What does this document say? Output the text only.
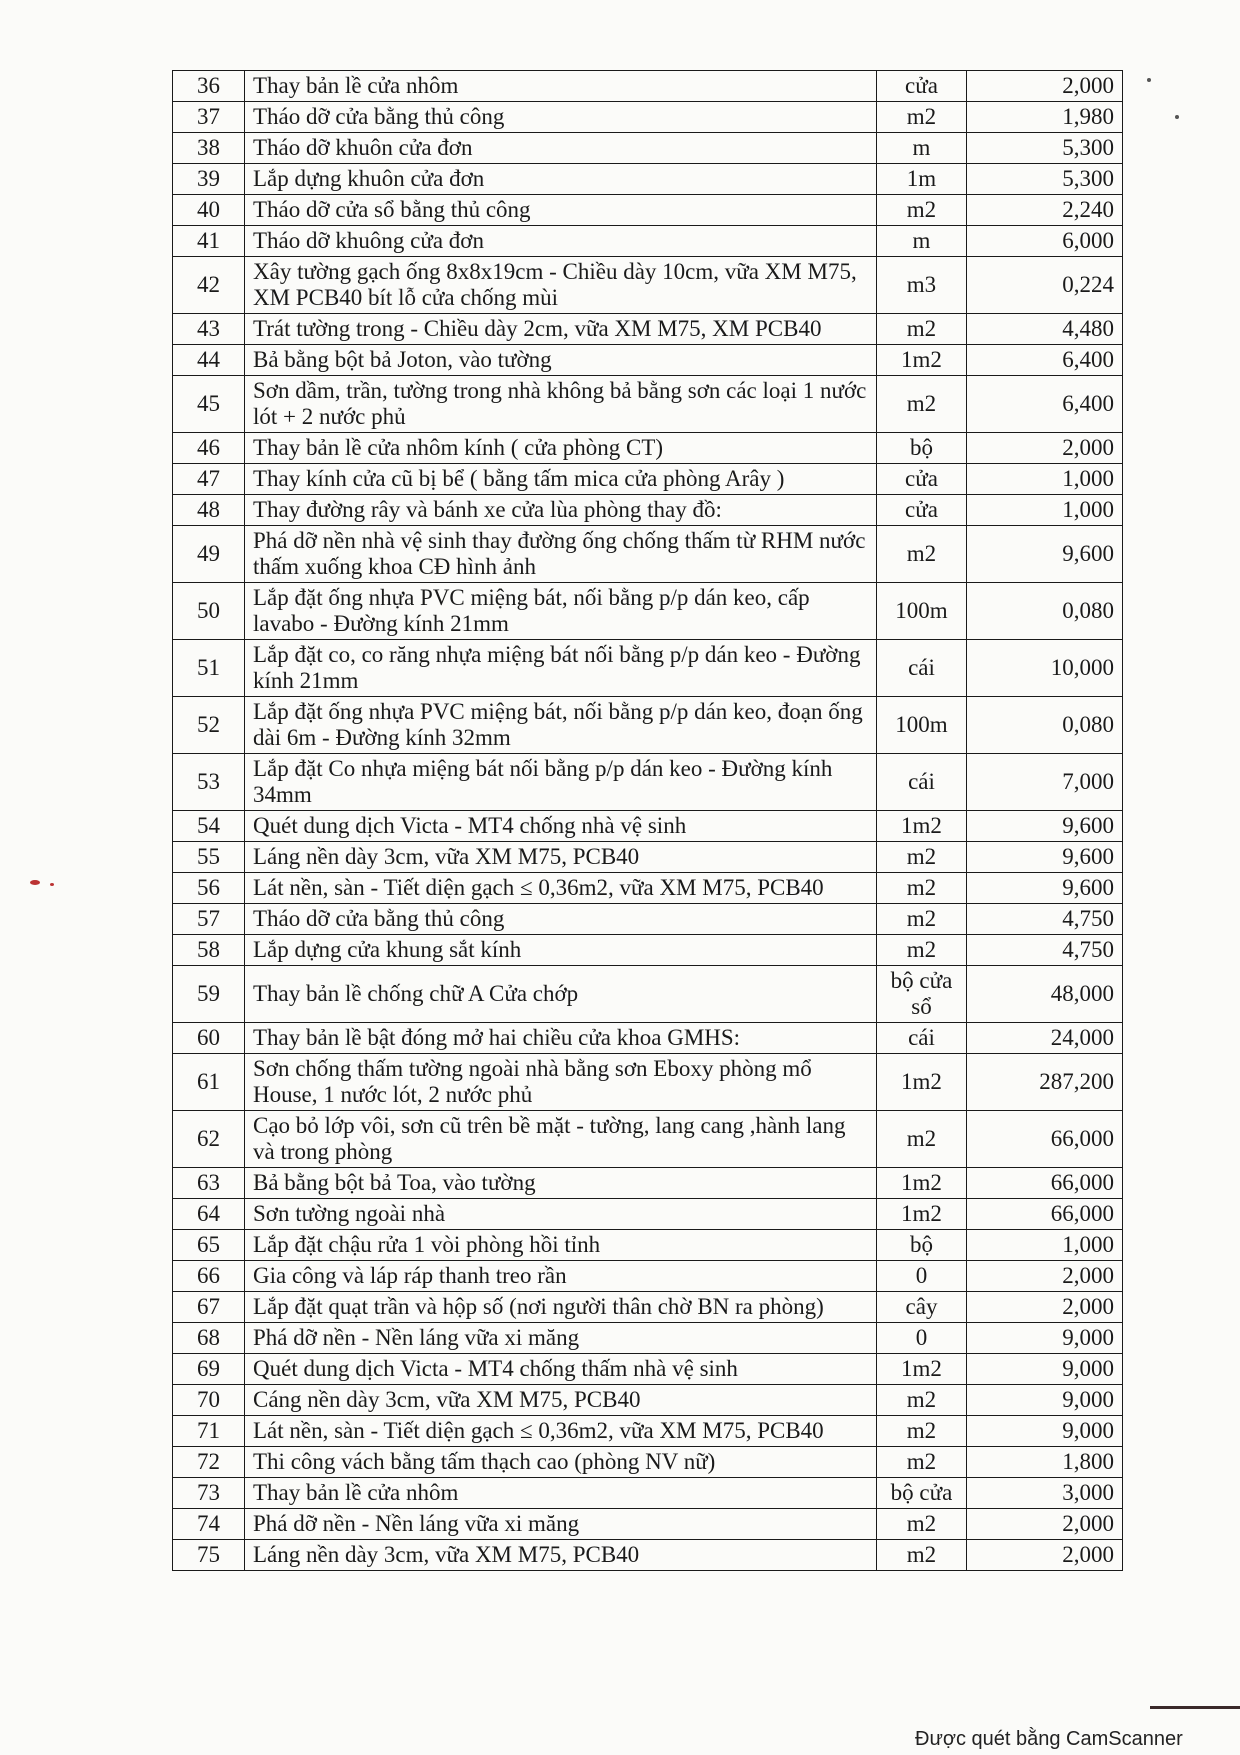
36	Thay bản lề cửa nhôm	cửa	2,000
37	Tháo dỡ cửa bằng thủ công	m2	1,980
38	Tháo dỡ khuôn cửa đơn	m	5,300
39	Lắp dựng khuôn cửa đơn	1m	5,300
40	Tháo dỡ cửa sổ bằng thủ công	m2	2,240
41	Tháo dỡ khuông cửa đơn	m	6,000
42	Xây tường gạch ống 8x8x19cm - Chiều dày 10cm, vữa XM M75, XM PCB40 bít lỗ cửa chống mùi	m3	0,224
43	Trát tường trong - Chiều dày 2cm, vữa XM M75, XM PCB40	m2	4,480
44	Bả bằng bột bả Joton, vào tường	1m2	6,400
45	Sơn dầm, trần, tường trong nhà không bả bằng sơn các loại 1 nước lót + 2 nước phủ	m2	6,400
46	Thay bản lề cửa nhôm kính ( cửa phòng CT)	bộ	2,000
47	Thay kính cửa cũ bị bể ( bằng tấm mica cửa phòng Arây )	cửa	1,000
48	Thay đường rây và bánh xe cửa lùa phòng thay đồ:	cửa	1,000
49	Phá dỡ nền nhà vệ sinh thay đường ống chống thấm từ RHM nước thấm xuống khoa CĐ hình ảnh	m2	9,600
50	Lắp đặt ống nhựa PVC miệng bát, nối bằng p/p dán keo, cấp lavabo - Đường kính 21mm	100m	0,080
51	Lắp đặt co, co răng nhựa miệng bát nối bằng p/p dán keo - Đường kính 21mm	cái	10,000
52	Lắp đặt ống nhựa PVC miệng bát, nối bằng p/p dán keo, đoạn ống dài 6m - Đường kính 32mm	100m	0,080
53	Lắp đặt Co nhựa miệng bát nối bằng p/p dán keo - Đường kính 34mm	cái	7,000
54	Quét dung dịch Victa - MT4 chống nhà vệ sinh	1m2	9,600
55	Láng nền dày 3cm, vữa XM M75, PCB40	m2	9,600
56	Lát nền, sàn - Tiết diện gạch ≤ 0,36m2, vữa XM M75, PCB40	m2	9,600
57	Tháo dỡ cửa bằng thủ công	m2	4,750
58	Lắp dựng cửa khung sắt kính	m2	4,750
59	Thay bản lề chống chữ A Cửa chớp	bộ cửa sổ	48,000
60	Thay bản lề bật đóng mở hai chiều cửa khoa GMHS:	cái	24,000
61	Sơn chống thấm tường ngoài nhà bằng sơn Eboxy phòng mổ House, 1 nước lót, 2 nước phủ	1m2	287,200
62	Cạo bỏ lớp vôi, sơn cũ trên bề mặt - tường, lang cang ,hành lang và trong phòng	m2	66,000
63	Bả bằng bột bả Toa, vào tường	1m2	66,000
64	Sơn tường ngoài nhà	1m2	66,000
65	Lắp đặt chậu rửa 1 vòi phòng hồi tỉnh	bộ	1,000
66	Gia công và láp ráp thanh treo rần	0	2,000
67	Lắp đặt quạt trần và hộp số (nơi người thân chờ BN ra phòng)	cây	2,000
68	Phá dỡ nền - Nền láng vữa xi măng	0	9,000
69	Quét dung dịch Victa - MT4 chống thấm nhà vệ sinh	1m2	9,000
70	Cáng nền dày 3cm, vữa XM M75, PCB40	m2	9,000
71	Lát nền, sàn - Tiết diện gạch ≤ 0,36m2, vữa XM M75, PCB40	m2	9,000
72	Thi công vách bằng tấm thạch cao (phòng NV nữ)	m2	1,800
73	Thay bản lề cửa nhôm	bộ cửa	3,000
74	Phá dỡ nền - Nền láng vữa xi măng	m2	2,000
75	Láng nền dày 3cm, vữa XM M75, PCB40	m2	2,000
Được quét bằng CamScanner
